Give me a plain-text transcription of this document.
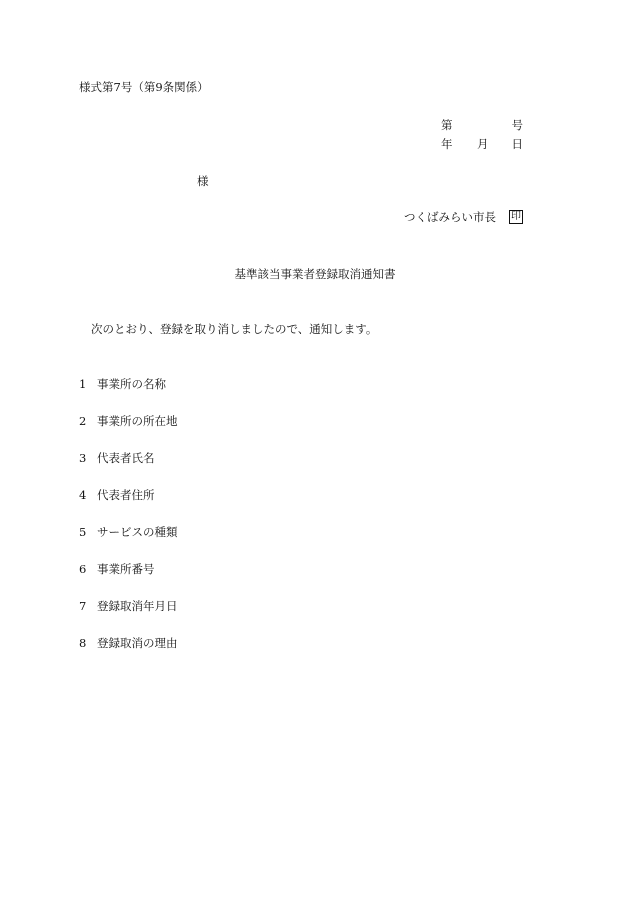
様式第7号（第9条関係）
第	号
年 月 日
様
つくばみらい市長 印
基準該当事業者登録取消通知書
次のとおり、登録を取り消しましたので、通知します。
1 事業所の名称
2 事業所の所在地
3 代表者氏名
4 代表者住所
5 サービスの種類
6 事業所番号
7 登録取消年月日
8 登録取消の理由
